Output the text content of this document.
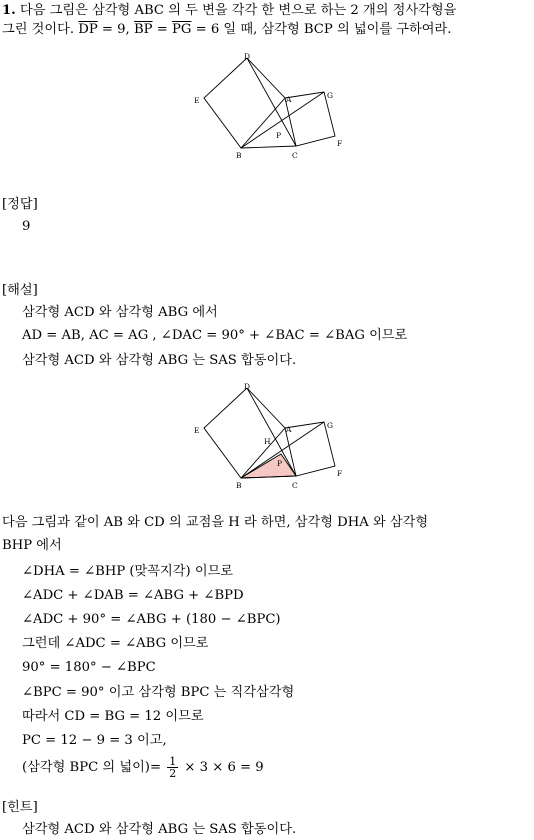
1. 다음 그림은 삼각형 ABC 의 두 변을 각각 한 변으로 하는 2 개의 정사각형을
그린 것이다. $\overline{DP} = 9$, $\overline{BP} = \overline{PG} = 6$ 일 때, 삼각형 BCP 의 넓이를 구하여라.
D
E	A	G
P
B	C
F
[정답]
9
[해설]
삼각형 ACD 와 삼각형 ABG 에서
AD = AB, AC = AG , ∠DAC = 90° + ∠BAC = ∠BAG 이므로
삼각형 ACD 와 삼각형 ABG 는 SAS 합동이다.
D
E	A	G
H
P
B	C
F
다음 그림과 같이 AB 와 CD 의 교점을 H 라 하면, 삼각형 DHA 와 삼각형
BHP 에서
∠DHA = ∠BHP (맞꼭지각) 이므로
∠ADC + ∠DAB = ∠ABG + ∠BPD
∠ADC + 90° = ∠ABG + (180 − ∠BPC)
그런데 ∠ADC = ∠ABG 이므로
90° = 180° − ∠BPC
∠BPC = 90° 이고 삼각형 BPC 는 직각삼각형
따라서 CD = BG = 12 이므로
PC = 12 − 9 = 3 이고,
(삼각형 BPC 의 넓이)= $\frac{1}{2} \times 3 \times 6 = 9$
[힌트]
삼각형 ACD 와 삼각형 ABG 는 SAS 합동이다.
